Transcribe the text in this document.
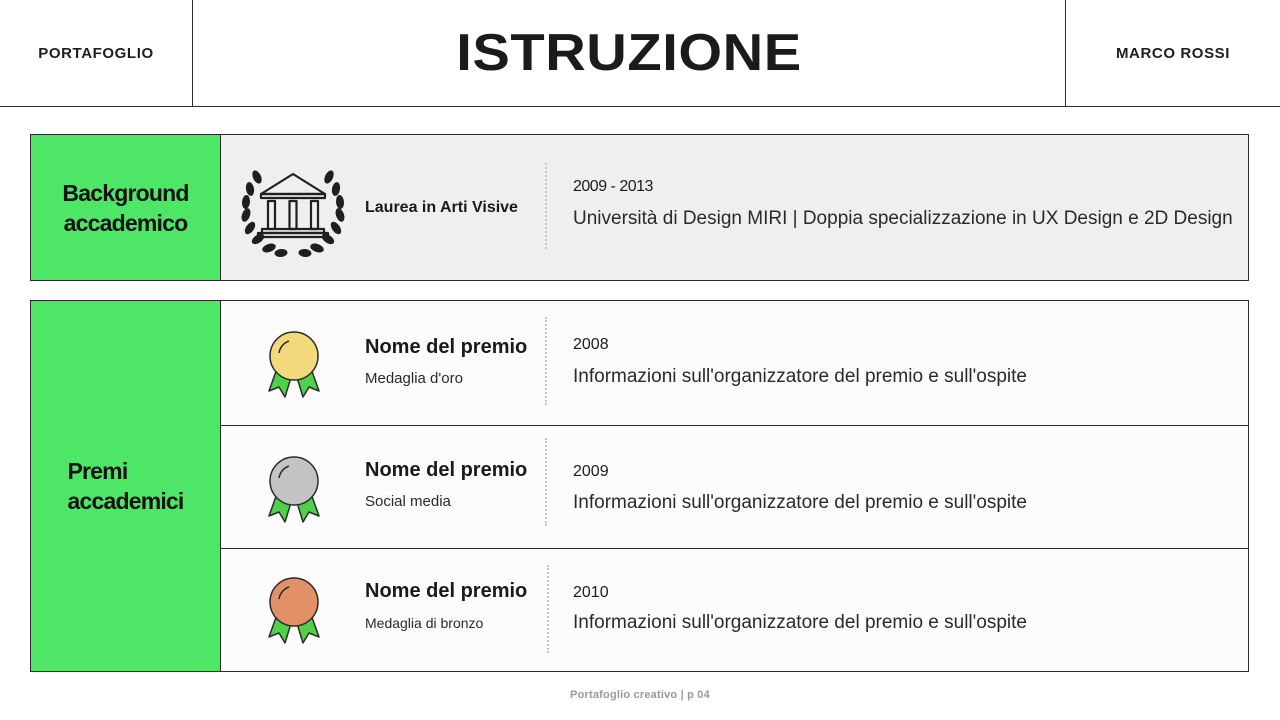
PORTAFOGLIO	ISTRUZIONE	MARCO ROSSI
Background
accademico
Laurea in Arti Visive
2009 - 2013
Università di Design MIRI | Doppia specializzazione in UX Design e 2D Design
Premi
accademici
Nome del premio
Medaglia d'oro
2008
Informazioni sull'organizzatore del premio e sull'ospite
Nome del premio
Social media
2009
Informazioni sull'organizzatore del premio e sull'ospite
Nome del premio
Medaglia di bronzo
2010
Informazioni sull'organizzatore del premio e sull'ospite
Portafoglio creativo | p 04
